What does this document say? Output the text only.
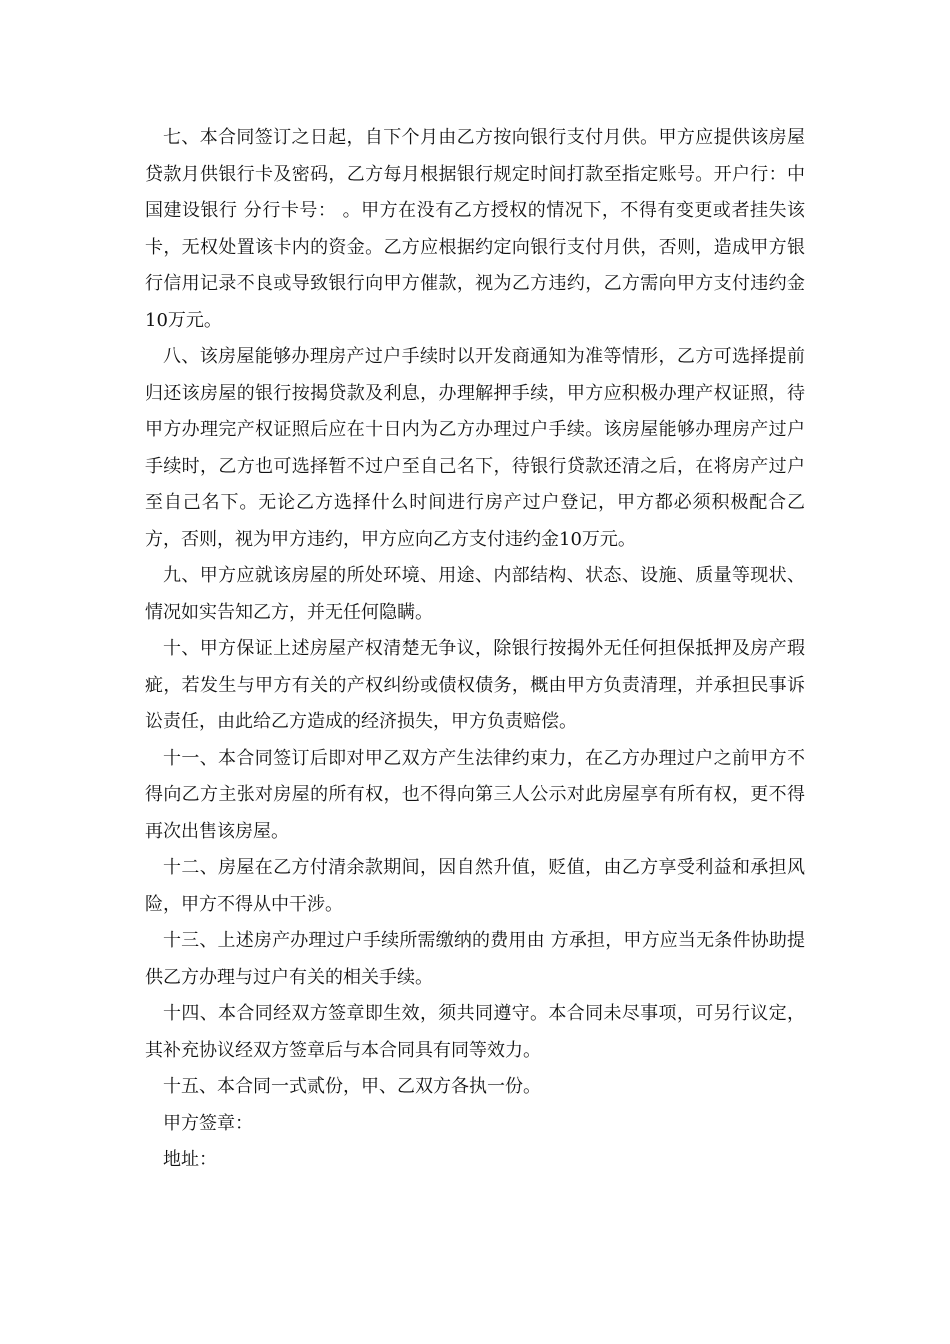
七、本合同签订之日起，自下个月由乙方按向银行支付月供。甲方应提供该房屋贷款月供银行卡及密码，乙方每月根据银行规定时间打款至指定账号。开户行：中国建设银行 分行卡号： 。甲方在没有乙方授权的情况下，不得有变更或者挂失该卡，无权处置该卡内的资金。乙方应根据约定向银行支付月供，否则，造成甲方银行信用记录不良或导致银行向甲方催款，视为乙方违约，乙方需向甲方支付违约金10万元。

八、该房屋能够办理房产过户手续时以开发商通知为准等情形，乙方可选择提前归还该房屋的银行按揭贷款及利息，办理解押手续，甲方应积极办理产权证照，待甲方办理完产权证照后应在十日内为乙方办理过户手续。该房屋能够办理房产过户手续时，乙方也可选择暂不过户至自己名下，待银行贷款还清之后，在将房产过户至自己名下。无论乙方选择什么时间进行房产过户登记，甲方都必须积极配合乙方，否则，视为甲方违约，甲方应向乙方支付违约金10万元。

九、甲方应就该房屋的所处环境、用途、内部结构、状态、设施、质量等现状、情况如实告知乙方，并无任何隐瞒。

十、甲方保证上述房屋产权清楚无争议，除银行按揭外无任何担保抵押及房产瑕疵，若发生与甲方有关的产权纠纷或债权债务，概由甲方负责清理，并承担民事诉讼责任，由此给乙方造成的经济损失，甲方负责赔偿。

十一、本合同签订后即对甲乙双方产生法律约束力，在乙方办理过户之前甲方不得向乙方主张对房屋的所有权，也不得向第三人公示对此房屋享有所有权，更不得再次出售该房屋。

十二、房屋在乙方付清余款期间，因自然升值，贬值，由乙方享受利益和承担风险，甲方不得从中干涉。

十三、上述房产办理过户手续所需缴纳的费用由 方承担，甲方应当无条件协助提供乙方办理与过户有关的相关手续。

十四、本合同经双方签章即生效，须共同遵守。本合同未尽事项，可另行议定，其补充协议经双方签章后与本合同具有同等效力。

十五、本合同一式贰份，甲、乙双方各执一份。

甲方签章：

地址：
